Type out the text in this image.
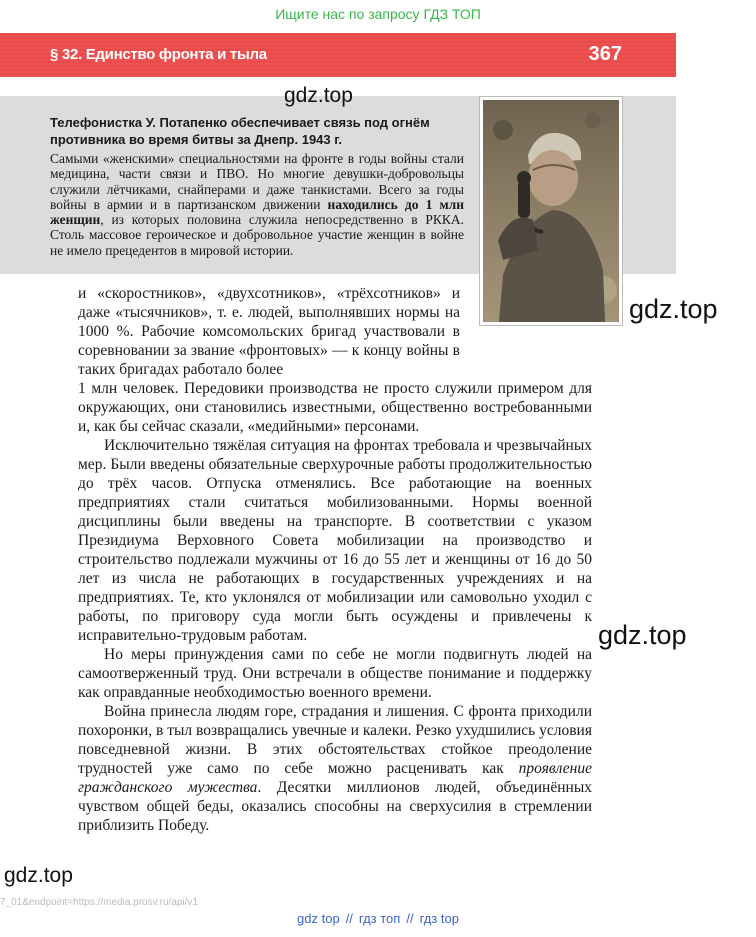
Ищите нас по запросу ГДЗ ТОП
§ 32. Единство фронта и тыла	367
Телефонистка У. Потапенко обеспечивает связь под огнём противника во время битвы за Днепр. 1943 г.
Самыми «женскими» специальностями на фронте в годы войны стали медицина, части связи и ПВО. Но многие девушки-добровольцы служили лётчиками, снайперами и даже танкистами. Всего за годы войны в армии и в партизанском движении находились до 1 млн женщин, из которых половина служила непосредственно в РККА. Столь массовое героическое и добровольное участие женщин в войне не имело прецедентов в мировой истории.

и «скоростников», «двухсотников», «трёхсотников» и даже «тысячников», т. е. людей, выполнявших нормы на 1000 %. Рабочие комсомольских бригад участвовали в соревновании за звание «фронтовых» — к концу войны в таких бригадах работало более

1 млн человек. Передовики производства не просто служили примером для окружающих, они становились известными, общественно востребованными и, как бы сейчас сказали, «медийными» персонами.

Исключительно тяжёлая ситуация на фронтах требовала и чрезвычайных мер. Были введены обязательные сверхурочные работы продолжительностью до трёх часов. Отпуска отменялись. Все работающие на военных предприятиях стали считаться мобилизованными. Нормы военной дисциплины были введены на транспорте. В соответствии с указом Президиума Верховного Совета мобилизации на производство и строительство подлежали мужчины от 16 до 55 лет и женщины от 16 до 50 лет из числа не работающих в государственных учреждениях и на предприятиях. Те, кто уклонялся от мобилизации или самовольно уходил с работы, по приговору суда могли быть осуждены и привлечены к исправительно-трудовым работам.

Но меры принуждения сами по себе не могли подвигнуть людей на самоотверженный труд. Они встречали в обществе понимание и поддержку как оправданные необходимостью военного времени.

Война принесла людям горе, страдания и лишения. С фронта приходили похоронки, в тыл возвращались увечные и калеки. Резко ухудшились условия повседневной жизни. В этих обстоятельствах стойкое преодоление трудностей уже само по себе можно расценивать как проявление гражданского мужества. Десятки миллионов людей, объединённых чувством общей беды, оказались способны на сверхусилия в стремлении приблизить Победу.

gdz.top
gdz.top
gdz.top
gdz.top
7_01&endpoint=https://media.prosv.ru/api/v1
gdz top // гдз топ // гдз top
